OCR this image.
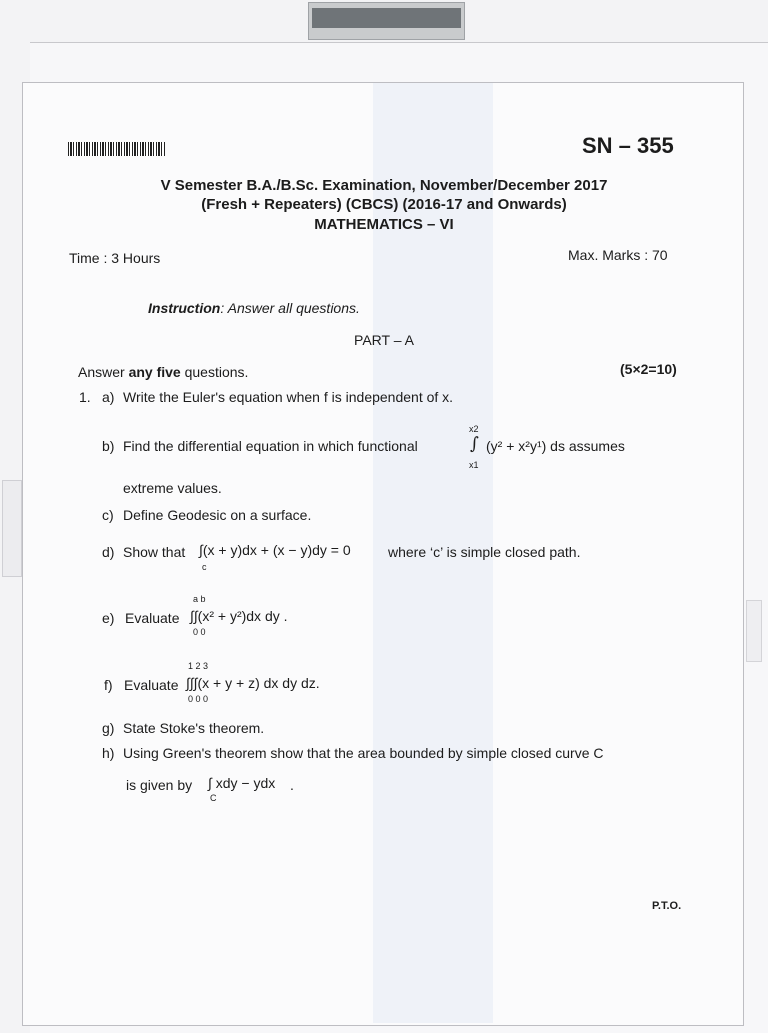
SN – 355
V Semester B.A./B.Sc. Examination, November/December 2017
(Fresh + Repeaters) (CBCS) (2016-17 and Onwards)
MATHEMATICS – VI
Time : 3 Hours	Max. Marks : 70
Instruction: Answer all questions.
PART – A
Answer any five questions.	(5×2=10)
1. a) Write the Euler's equation when f is independent of x.
b) Find the differential equation in which functional
x2
∫
x1
(y² + x²y¹) ds assumes
extreme values.
c) Define Geodesic on a surface.
d) Show that ∫(x + y)dx + (x − y)dy = 0
c
where ‘c’ is simple closed path.
e) Evaluate
a b
∫∫(x² + y²)dx dy .
0 0
f) Evaluate
1 2 3
∫∫∫(x + y + z) dx dy dz.
0 0 0
g) State Stoke's theorem.
h) Using Green's theorem show that the area bounded by simple closed curve C
is given by ∫ xdy − ydx
C
.
P.T.O.
